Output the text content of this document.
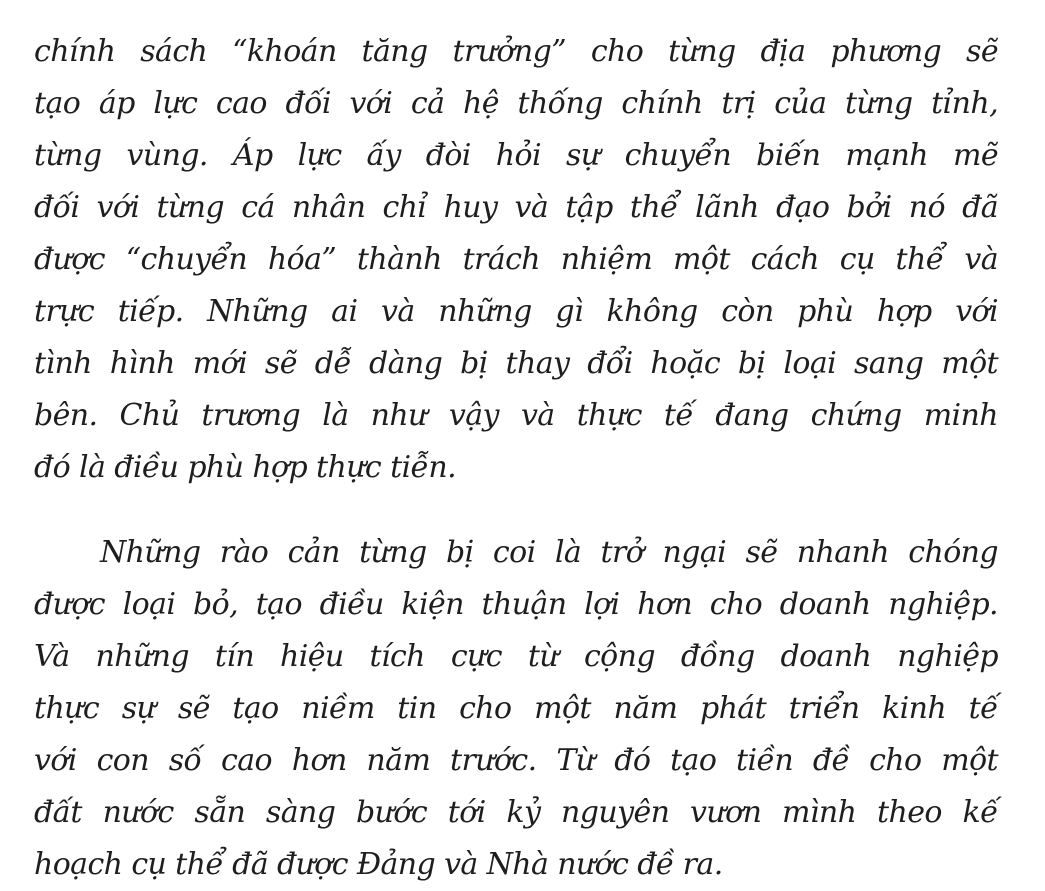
chính sách “khoán tăng trưởng” cho từng địa phương sẽ
tạo áp lực cao đối với cả hệ thống chính trị của từng tỉnh,
từng vùng. Áp lực ấy đòi hỏi sự chuyển biến mạnh mẽ
đối với từng cá nhân chỉ huy và tập thể lãnh đạo bởi nó đã
được “chuyển hóa” thành trách nhiệm một cách cụ thể và
trực tiếp. Những ai và những gì không còn phù hợp với
tình hình mới sẽ dễ dàng bị thay đổi hoặc bị loại sang một
bên. Chủ trương là như vậy và thực tế đang chứng minh
đó là điều phù hợp thực tiễn.
Những rào cản từng bị coi là trở ngại sẽ nhanh chóng
được loại bỏ, tạo điều kiện thuận lợi hơn cho doanh nghiệp.
Và những tín hiệu tích cực từ cộng đồng doanh nghiệp
thực sự sẽ tạo niềm tin cho một năm phát triển kinh tế
với con số cao hơn năm trước. Từ đó tạo tiền đề cho một
đất nước sẵn sàng bước tới kỷ nguyên vươn mình theo kế
hoạch cụ thể đã được Đảng và Nhà nước đề ra.
